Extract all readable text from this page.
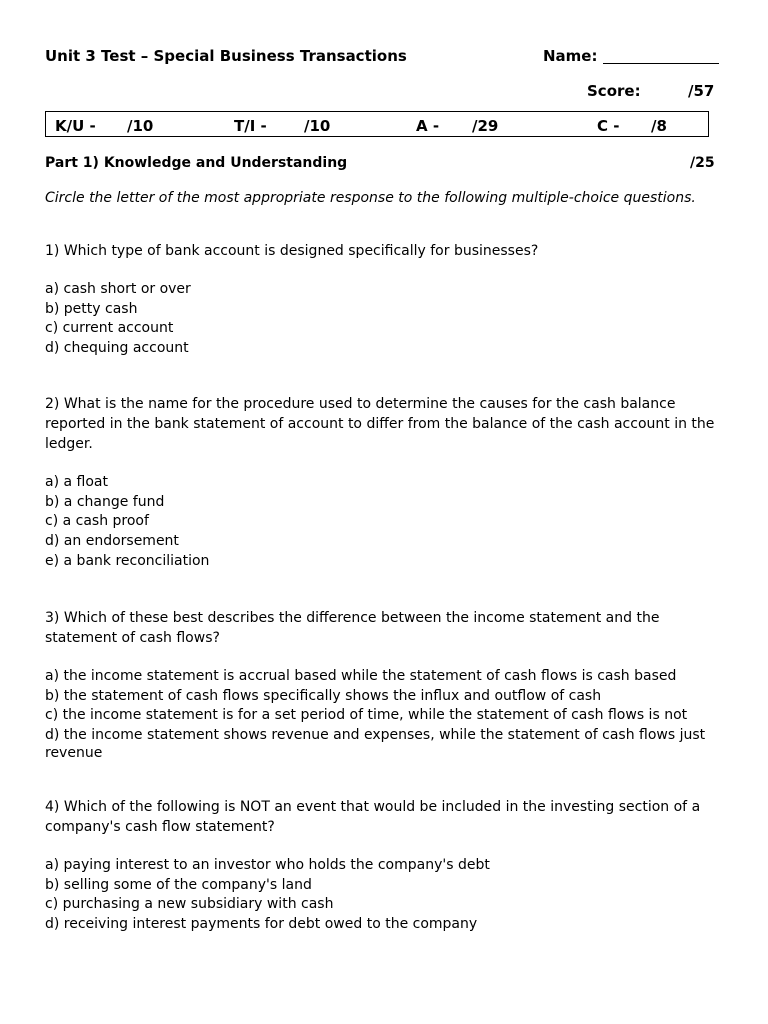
Unit 3 Test – Special Business Transactions	Name:
Score:	/57
K/U - /10	T/I - /10	A - /29	C - /8
Part 1) Knowledge and Understanding	/25
Circle the letter of the most appropriate response to the following multiple-choice questions.
1) Which type of bank account is designed specifically for businesses?
a) cash short or over
b) petty cash
c) current account
d) chequing account
2) What is the name for the procedure used to determine the causes for the cash balance reported in the bank statement of account to differ from the balance of the cash account in the ledger.
a) a float
b) a change fund
c) a cash proof
d) an endorsement
e) a bank reconciliation
3) Which of these best describes the difference between the income statement and the statement of cash flows?
a) the income statement is accrual based while the statement of cash flows is cash based
b) the statement of cash flows specifically shows the influx and outflow of cash
c) the income statement is for a set period of time, while the statement of cash flows is not
d) the income statement shows revenue and expenses, while the statement of cash flows just revenue
4) Which of the following is NOT an event that would be included in the investing section of a company's cash flow statement?
a) paying interest to an investor who holds the company's debt
b) selling some of the company's land
c) purchasing a new subsidiary with cash
d) receiving interest payments for debt owed to the company
